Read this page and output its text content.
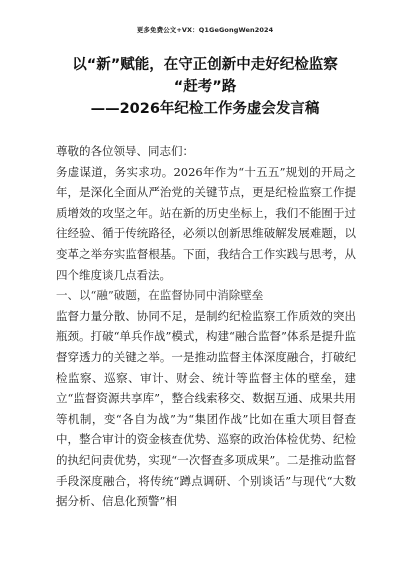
更多免费公文+VX：Q1GeGongWen2024
以“新”赋能，在守正创新中走好纪检监察
“赶考”路
——2026年纪检工作务虚会发言稿

尊敬的各位领导、同志们：

务虚谋道，务实求功。2026年作为“十五五”规划的开局之年，是深化全面从严治党的关键节点，更是纪检监察工作提质增效的攻坚之年。站在新的历史坐标上，我们不能囿于过往经验、循于传统路径，必须以创新思维破解发展难题，以变革之举夯实监督根基。下面，我结合工作实践与思考，从四个维度谈几点看法。

一、以“融”破题，在监督协同中消除壁垒

监督力量分散、协同不足，是制约纪检监察工作质效的突出瓶颈。打破“单兵作战”模式，构建“融合监督”体系是提升监督穿透力的关键之举。一是推动监督主体深度融合，打破纪检监察、巡察、审计、财会、统计等监督主体的壁垒，建立“监督资源共享库”，整合线索移交、数据互通、成果共用等机制，变“各自为战”为“集团作战”比如在重大项目督查中，整合审计的资金核查优势、巡察的政治体检优势、纪检的执纪问责优势，实现“一次督查多项成果”。二是推动监督手段深度融合，将传统“蹲点调研、个别谈话”与现代“大数据分析、信息化预警”相
